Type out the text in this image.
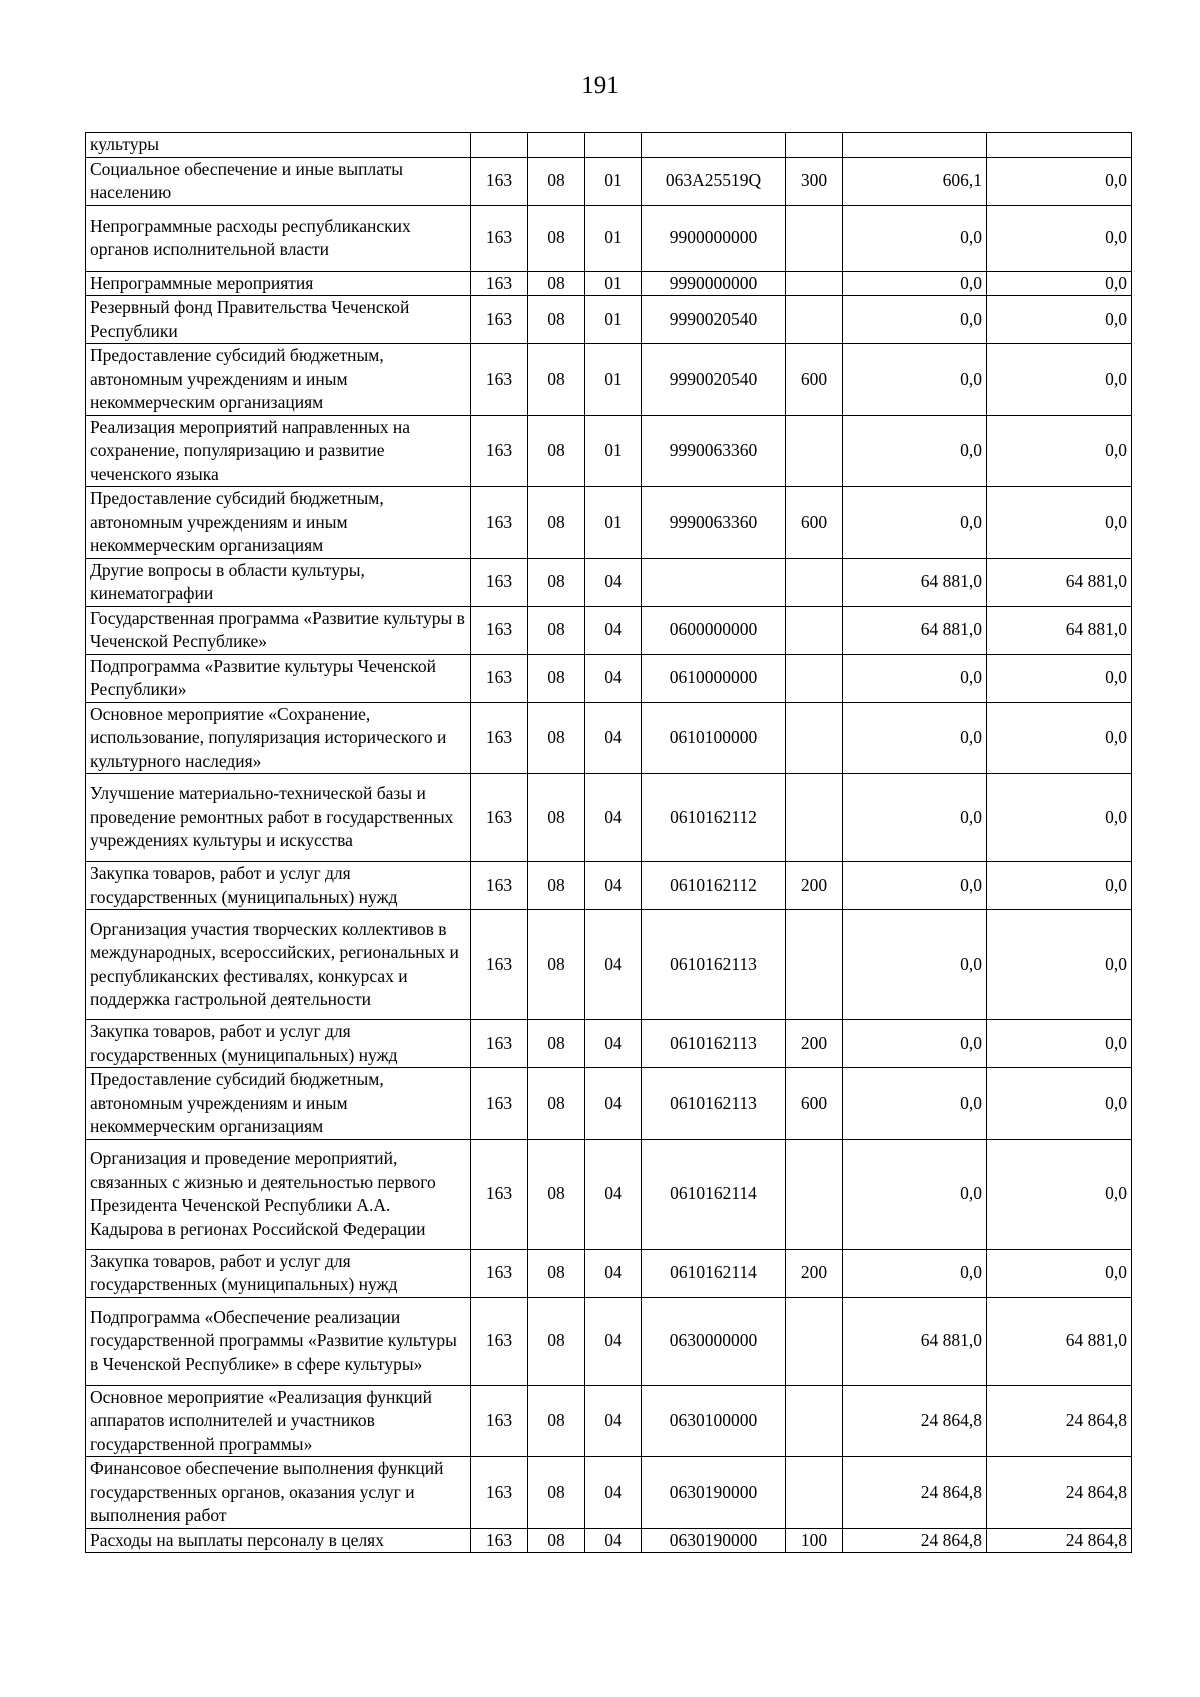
191
культуры							
Социальное обеспечение и иные выплаты населению	163	08	01	063А25519Q	300	606,1	0,0
Непрограммные расходы республиканских органов исполнительной власти	163	08	01	9900000000		0,0	0,0
Непрограммные мероприятия	163	08	01	9990000000		0,0	0,0
Резервный фонд Правительства Чеченской Республики	163	08	01	9990020540		0,0	0,0
Предоставление субсидий бюджетным, автономным учреждениям и иным некоммерческим организациям	163	08	01	9990020540	600	0,0	0,0
Реализация мероприятий направленных на сохранение, популяризацию и развитие чеченского языка	163	08	01	9990063360		0,0	0,0
Предоставление субсидий бюджетным, автономным учреждениям и иным некоммерческим организациям	163	08	01	9990063360	600	0,0	0,0
Другие вопросы в области культуры, кинематографии	163	08	04			64 881,0	64 881,0
Государственная программа «Развитие культуры в Чеченской Республике»	163	08	04	0600000000		64 881,0	64 881,0
Подпрограмма «Развитие культуры Чеченской Республики»	163	08	04	0610000000		0,0	0,0
Основное мероприятие «Сохранение, использование, популяризация исторического и культурного наследия»	163	08	04	0610100000		0,0	0,0
Улучшение материально-технической базы и проведение ремонтных работ в государственных учреждениях культуры и искусства	163	08	04	0610162112		0,0	0,0
Закупка товаров, работ и услуг для государственных (муниципальных) нужд	163	08	04	0610162112	200	0,0	0,0
Организация участия творческих коллективов в международных, всероссийских, региональных и республиканских фестивалях, конкурсах и поддержка гастрольной деятельности	163	08	04	0610162113		0,0	0,0
Закупка товаров, работ и услуг для государственных (муниципальных) нужд	163	08	04	0610162113	200	0,0	0,0
Предоставление субсидий бюджетным, автономным учреждениям и иным некоммерческим организациям	163	08	04	0610162113	600	0,0	0,0
Организация и проведение мероприятий, связанных с жизнью и деятельностью первого Президента Чеченской Республики А.А. Кадырова в регионах Российской Федерации	163	08	04	0610162114		0,0	0,0
Закупка товаров, работ и услуг для государственных (муниципальных) нужд	163	08	04	0610162114	200	0,0	0,0
Подпрограмма «Обеспечение реализации государственной программы «Развитие культуры в Чеченской Республике» в сфере культуры»	163	08	04	0630000000		64 881,0	64 881,0
Основное мероприятие «Реализация функций аппаратов исполнителей и участников государственной программы»	163	08	04	0630100000		24 864,8	24 864,8
Финансовое обеспечение выполнения функций государственных органов, оказания услуг и выполнения работ	163	08	04	0630190000		24 864,8	24 864,8
Расходы на выплаты персоналу в целях	163	08	04	0630190000	100	24 864,8	24 864,8
